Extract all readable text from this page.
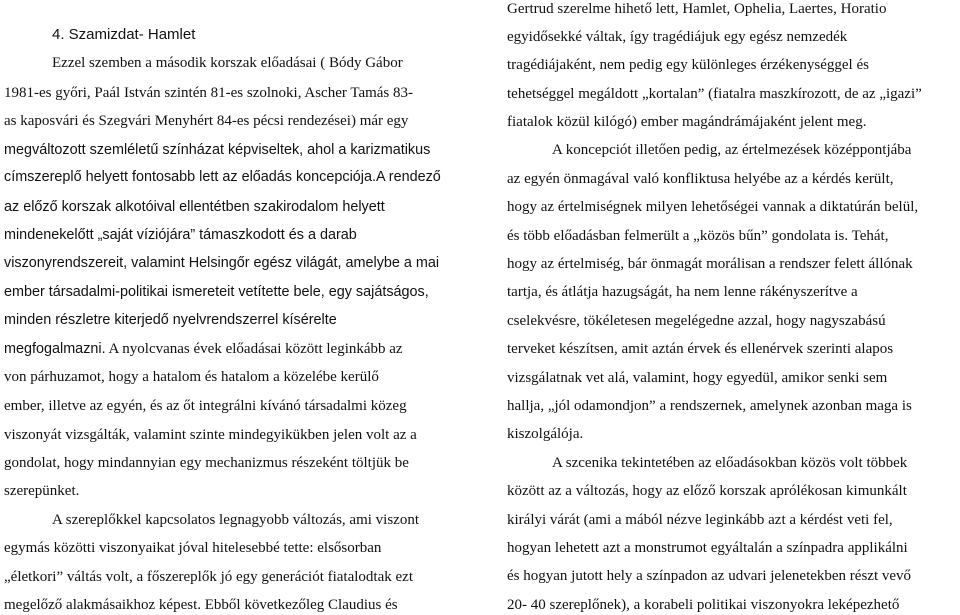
4. Szamizdat- Hamlet
Ezzel szemben a második korszak előadásai ( Bódy Gábor
1981-es győri, Paál István szintén 81-es szolnoki, Ascher Tamás 83-
as kaposvári és Szegvári Menyhért 84-es pécsi rendezései) már egy
megváltozott szemléletű színházat képviseltek, ahol a karizmatikus
címszereplő helyett fontosabb lett az előadás koncepciója.A rendező
az előző korszak alkotóival ellentétben szakirodalom helyett
mindenekelőtt „saját víziójára” támaszkodott és a darab
viszonyrendszereit, valamint Helsingőr egész világát, amelybe a mai
ember társadalmi-politikai ismereteit vetítette bele, egy sajátságos,
minden részletre kiterjedő nyelvrendszerrel kísérelte
megfogalmazni. A nyolcvanas évek előadásai között leginkább az
von párhuzamot, hogy a hatalom és hatalom a közelébe kerülő
ember, illetve az egyén, és az őt integrálni kívánó társadalmi közeg
viszonyát vizsgálták, valamint szinte mindegyikükben jelen volt az a
gondolat, hogy mindannyian egy mechanizmus részeként töltjük be
szerepünket.
A szereplőkkel kapcsolatos legnagyobb változás, ami viszont
egymás közötti viszonyaikat jóval hitelesebbé tette: elsősorban
„életkori” váltás volt, a főszereplők jó egy generációt fiatalodtak ezt
megelőző alakmásaikhoz képest. Ebből következőleg Claudius és
Gertrud szerelme hihető lett, Hamlet, Ophelia, Laertes, Horatio
egyidősekké váltak, így tragédiájuk egy egész nemzedék
tragédiájaként, nem pedig egy különleges érzékenységgel és
tehetséggel megáldott „kortalan” (fiatalra maszkírozott, de az „igazi”
fiatalok közül kilógó) ember magándrámájaként jelent meg.
A koncepciót illetően pedig, az értelmezések középpontjába
az egyén önmagával való konfliktusa helyébe az a kérdés került,
hogy az értelmiségnek milyen lehetőségei vannak a diktatúrán belül,
és több előadásban felmerült a „közös bűn” gondolata is. Tehát,
hogy az értelmiség, bár önmagát morálisan a rendszer felett állónak
tartja, és átlátja hazugságát, ha nem lenne rákényszerítve a
cselekvésre, tökéletesen megelégedne azzal, hogy nagyszabású
terveket készítsen, amit aztán érvek és ellenérvek szerinti alapos
vizsgálatnak vet alá, valamint, hogy egyedül, amikor senki sem
hallja, „jól odamondjon” a rendszernek, amelynek azonban maga is
kiszolgálója.
A szcenika tekintetében az előadásokban közös volt többek
között az a változás, hogy az előző korszak aprólékosan kimunkált
királyi várát (ami a mából nézve leginkább azt a kérdést veti fel,
hogyan lehetett azt a monstrumot egyáltalán a színpadra applikálni
és hogyan jutott hely a színpadon az udvari jelenetekben részt vevő
20- 40 szereplőnek), a korabeli politikai viszonyokra leképezhető
